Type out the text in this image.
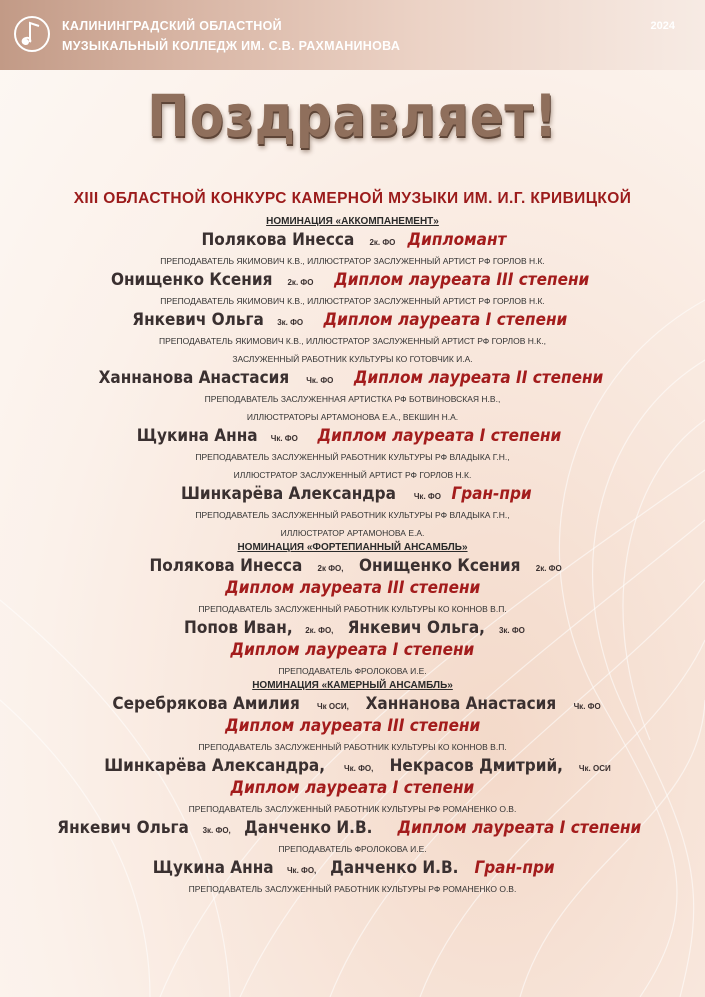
КАЛИНИНГРАДСКИЙ ОБЛАСТНОЙ
МУЗЫКАЛЬНЫЙ КОЛЛЕДЖ ИМ. С.В. РАХМАНИНОВА
2024
Поздравляет!
XIII ОБЛАСТНОЙ КОНКУРС КАМЕРНОЙ МУЗЫКИ ИМ. И.Г. КРИВИЦКОЙ
НОМИНАЦИЯ «АККОМПАНЕМЕНТ»
Полякова Инесса 2к. ФО Дипломант
ПРЕПОДАВАТЕЛЬ ЯКИМОВИЧ К.В., ИЛЛЮСТРАТОР ЗАСЛУЖЕННЫЙ АРТИСТ РФ ГОРЛОВ Н.К.
Онищенко Ксения 2к. ФО Диплом лауреата III степени
ПРЕПОДАВАТЕЛЬ ЯКИМОВИЧ К.В., ИЛЛЮСТРАТОР ЗАСЛУЖЕННЫЙ АРТИСТ РФ ГОРЛОВ Н.К.
Янкевич Ольга 3к. ФО Диплом лауреата I степени
ПРЕПОДАВАТЕЛЬ ЯКИМОВИЧ К.В., ИЛЛЮСТРАТОР ЗАСЛУЖЕННЫЙ АРТИСТ РФ ГОРЛОВ Н.К.,
ЗАСЛУЖЕННЫЙ РАБОТНИК КУЛЬТУРЫ КО ГОТОВЧИК И.А.
Ханнанова Анастасия Чк. ФО Диплом лауреата II степени
ПРЕПОДАВАТЕЛЬ ЗАСЛУЖЕННАЯ АРТИСТКА РФ БОТВИНОВСКАЯ Н.В.,
ИЛЛЮСТРАТОРЫ АРТАМОНОВА Е.А., ВЕКШИН Н.А.
Щукина Анна Чк. ФО Диплом лауреата I степени
ПРЕПОДАВАТЕЛЬ ЗАСЛУЖЕННЫЙ РАБОТНИК КУЛЬТУРЫ РФ ВЛАДЫКА Г.Н.,
ИЛЛЮСТРАТОР ЗАСЛУЖЕННЫЙ АРТИСТ РФ ГОРЛОВ Н.К.
Шинкарёва Александра Чк. ФО Гран-при
ПРЕПОДАВАТЕЛЬ ЗАСЛУЖЕННЫЙ РАБОТНИК КУЛЬТУРЫ РФ ВЛАДЫКА Г.Н.,
ИЛЛЮСТРАТОР АРТАМОНОВА Е.А.
НОМИНАЦИЯ «ФОРТЕПИАННЫЙ АНСАМБЛЬ»
Полякова Инесса 2к ФО, Онищенко Ксения 2к. ФО
Диплом лауреата III степени
ПРЕПОДАВАТЕЛЬ ЗАСЛУЖЕННЫЙ РАБОТНИК КУЛЬТУРЫ КО КОННОВ В.П.
Попов Иван, 2к. ФО, Янкевич Ольга, 3к. ФО
Диплом лауреата I степени
ПРЕПОДАВАТЕЛЬ ФРОЛОКОВА И.Е.
НОМИНАЦИЯ «КАМЕРНЫЙ АНСАМБЛЬ»
Серебрякова Амилия Чк ОСИ, Ханнанова Анастасия Чк. ФО
Диплом лауреата III степени
ПРЕПОДАВАТЕЛЬ ЗАСЛУЖЕННЫЙ РАБОТНИК КУЛЬТУРЫ КО КОННОВ В.П.
Шинкарёва Александра, Чк. ФО, Некрасов Дмитрий, Чк. ОСИ
Диплом лауреата I степени
ПРЕПОДАВАТЕЛЬ ЗАСЛУЖЕННЫЙ РАБОТНИК КУЛЬТУРЫ РФ РОМАНЕНКО О.В.
Янкевич Ольга 3к. ФО, Данченко И.В. Диплом лауреата I степени
ПРЕПОДАВАТЕЛЬ ФРОЛОКОВА И.Е.
Щукина Анна Чк. ФО, Данченко И.В. Гран-при
ПРЕПОДАВАТЕЛЬ ЗАСЛУЖЕННЫЙ РАБОТНИК КУЛЬТУРЫ РФ РОМАНЕНКО О.В.
